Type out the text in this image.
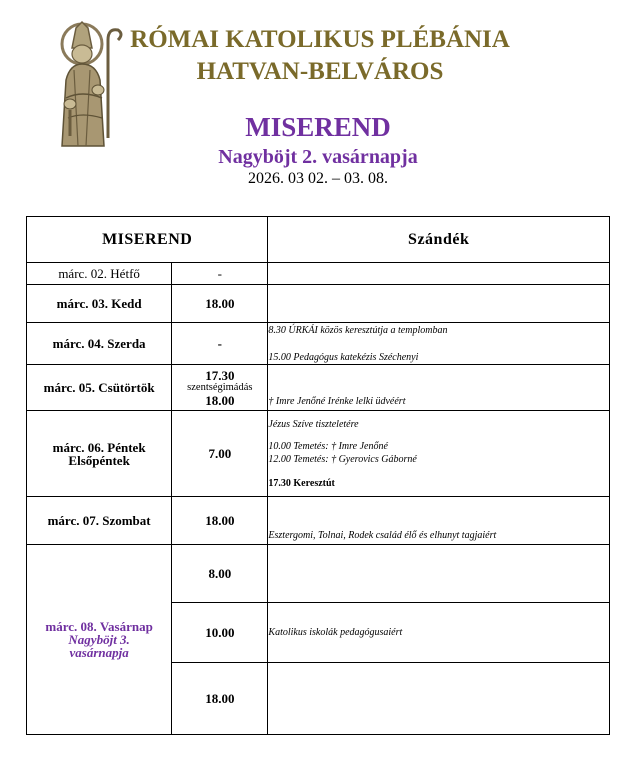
RÓMAI KATOLIKUS PLÉBÁNIA
HATVAN-BELVÁROS
MISEREND
Nagyböjt 2. vasárnapja
2026. 03 02. – 03. 08.
MISEREND		Szándék
márc. 02. Hétfő	-	
márc. 03. Kedd	18.00	
márc. 04. Szerda	-	8.30 ÚRKÁI közös keresztútja a templomban
15.00 Pedagógus katekézis Széchenyi

márc. 05. Csütörtök	17.30
szentségimádás
18.00	† Imre Jenőné Irénke lelki üdvéért

márc. 06. Péntek
Elsőpéntek	7.00	Jézus Szíve tiszteletére
10.00 Temetés: † Imre Jenőné
12.00 Temetés: † Gyerovics Gáborné
17.30 Keresztút

márc. 07. Szombat	18.00	Esztergomi, Tolnai, Rodek család élő és elhunyt tagjaiért

márc. 08. Vasárnap
Nagyböjt 3.
vasárnapja	8.00	
	10.00	Katolikus iskolák pedagógusaiért

	18.00	
